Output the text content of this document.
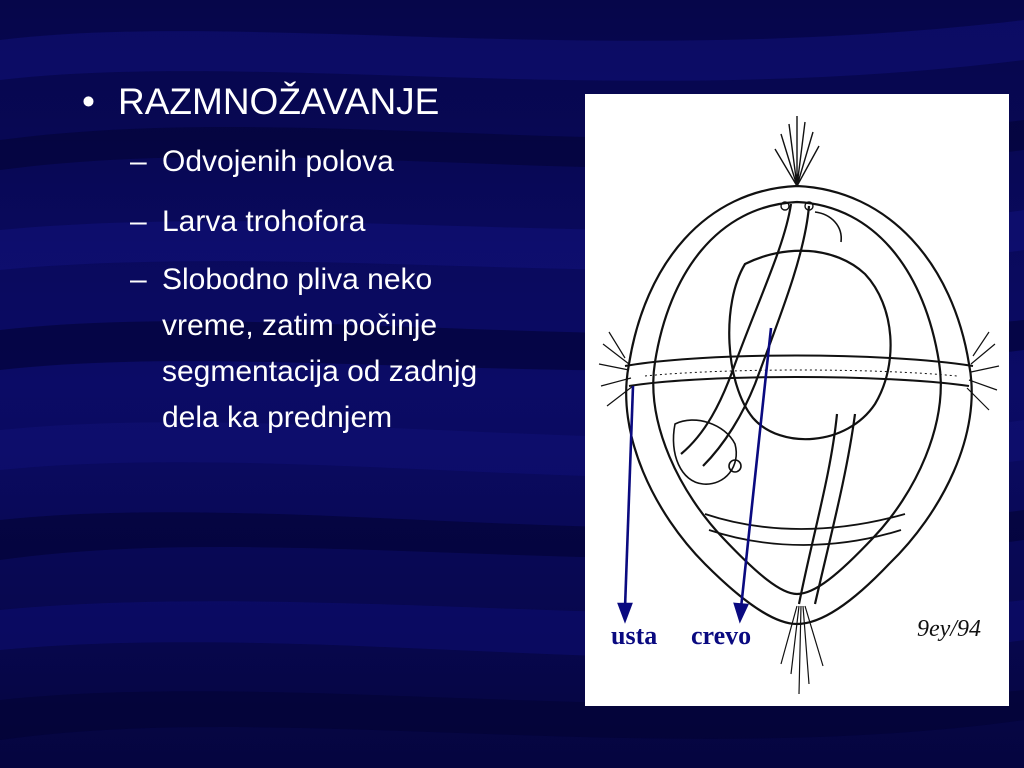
• RAZMNOŽAVANJE
– Odvojenih polova
– Larva trohofora
– Slobodno pliva neko
vreme, zatim počinje
segmentacija od zadnjg
dela ka prednjem
usta crevo	9ey/94
